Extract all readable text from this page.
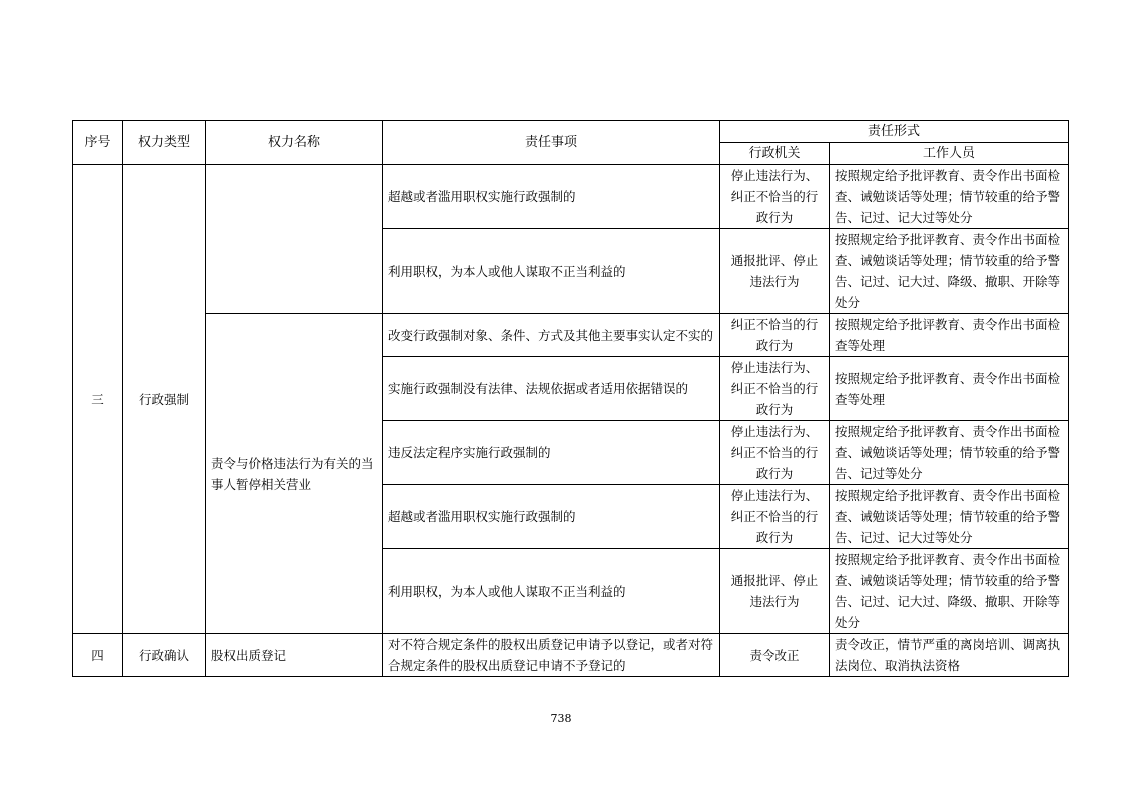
序号	权力类型	权力名称	责任事项	责任形式	
				行政机关	工作人员
三	行政强制		超越或者滥用职权实施行政强制的	停止违法行为、纠正不恰当的行政行为	按照规定给予批评教育、责令作出书面检查、诫勉谈话等处理；情节较重的给予警告、记过、记大过等处分
			利用职权，为本人或他人谋取不正当利益的	通报批评、停止违法行为	按照规定给予批评教育、责令作出书面检查、诫勉谈话等处理；情节较重的给予警告、记过、记大过、降级、撤职、开除等处分
		责令与价格违法行为有关的当事人暂停相关营业	改变行政强制对象、条件、方式及其他主要事实认定不实的	纠正不恰当的行政行为	按照规定给予批评教育、责令作出书面检查等处理
			实施行政强制没有法律、法规依据或者适用依据错误的	停止违法行为、纠正不恰当的行政行为	按照规定给予批评教育、责令作出书面检查等处理
			违反法定程序实施行政强制的	停止违法行为、纠正不恰当的行政行为	按照规定给予批评教育、责令作出书面检查、诫勉谈话等处理；情节较重的给予警告、记过等处分
			超越或者滥用职权实施行政强制的	停止违法行为、纠正不恰当的行政行为	按照规定给予批评教育、责令作出书面检查、诫勉谈话等处理；情节较重的给予警告、记过、记大过等处分
			利用职权，为本人或他人谋取不正当利益的	通报批评、停止违法行为	按照规定给予批评教育、责令作出书面检查、诫勉谈话等处理；情节较重的给予警告、记过、记大过、降级、撤职、开除等处分
四	行政确认	股权出质登记	对不符合规定条件的股权出质登记申请予以登记，或者对符合规定条件的股权出质登记申请不予登记的	责令改正	责令改正，情节严重的离岗培训、调离执法岗位、取消执法资格
738
